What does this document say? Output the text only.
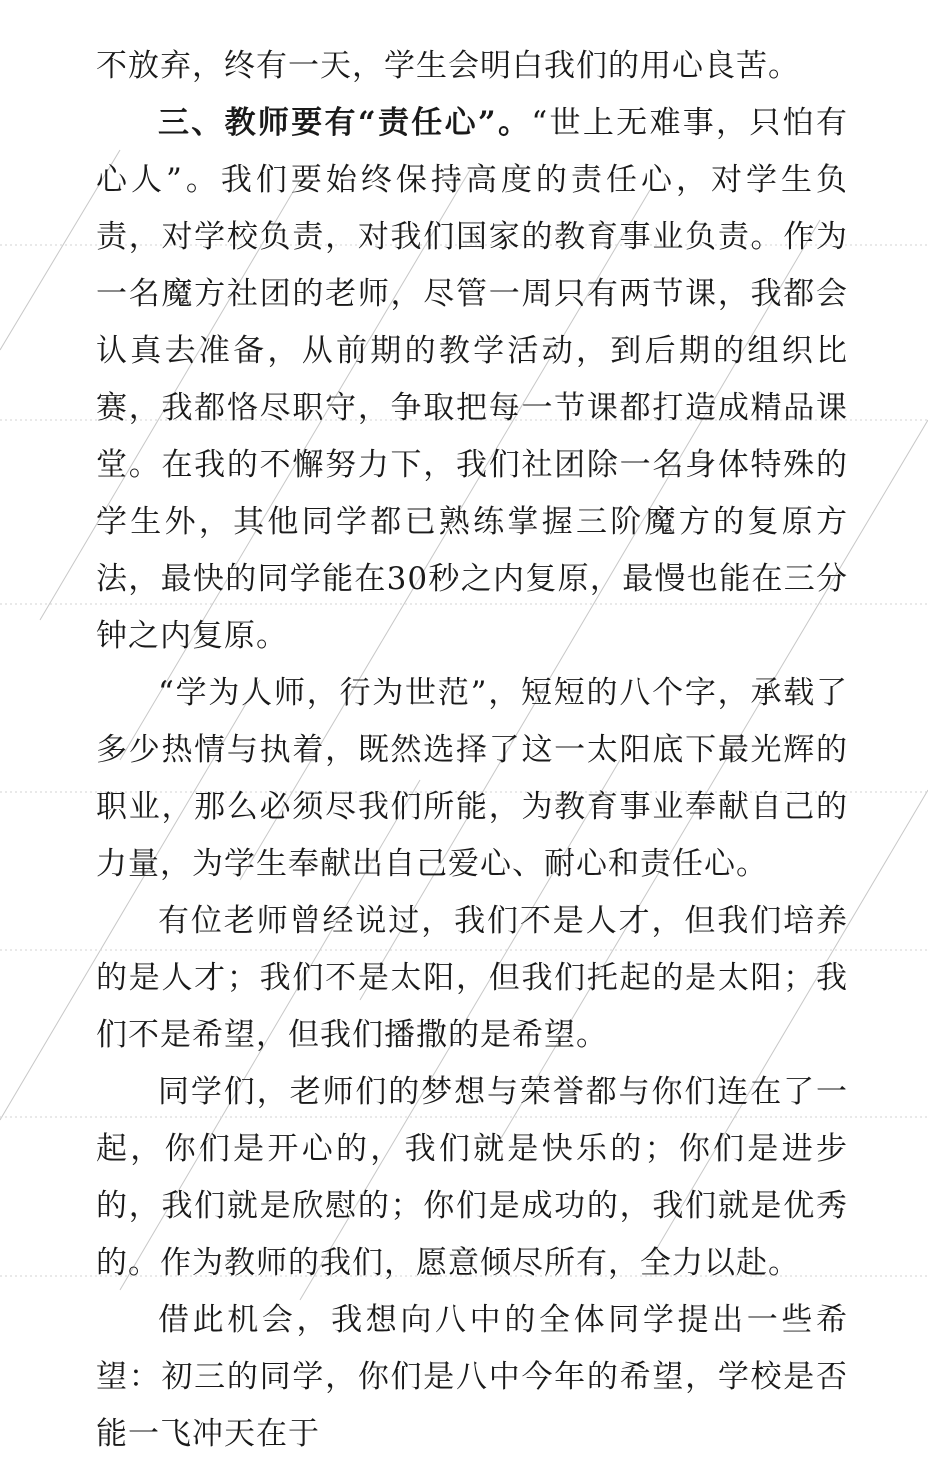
不放弃，终有一天，学生会明白我们的用心良苦。

三、教师要有“责任心”。“世上无难事，只怕有心人”。我们要始终保持高度的责任心，对学生负责，对学校负责，对我们国家的教育事业负责。作为一名魔方社团的老师，尽管一周只有两节课，我都会认真去准备，从前期的教学活动，到后期的组织比赛，我都恪尽职守，争取把每一节课都打造成精品课堂。在我的不懈努力下，我们社团除一名身体特殊的学生外，其他同学都已熟练掌握三阶魔方的复原方法，最快的同学能在30秒之内复原，最慢也能在三分钟之内复原。

“学为人师，行为世范”，短短的八个字，承载了多少热情与执着，既然选择了这一太阳底下最光辉的职业，那么必须尽我们所能，为教育事业奉献自己的力量，为学生奉献出自己爱心、耐心和责任心。

有位老师曾经说过，我们不是人才，但我们培养的是人才；我们不是太阳，但我们托起的是太阳；我们不是希望，但我们播撒的是希望。

同学们，老师们的梦想与荣誉都与你们连在了一起，你们是开心的，我们就是快乐的；你们是进步的，我们就是欣慰的；你们是成功的，我们就是优秀的。作为教师的我们，愿意倾尽所有，全力以赴。

借此机会，我想向八中的全体同学提出一些希望：初三的同学，你们是八中今年的希望，学校是否能一飞冲天在于
